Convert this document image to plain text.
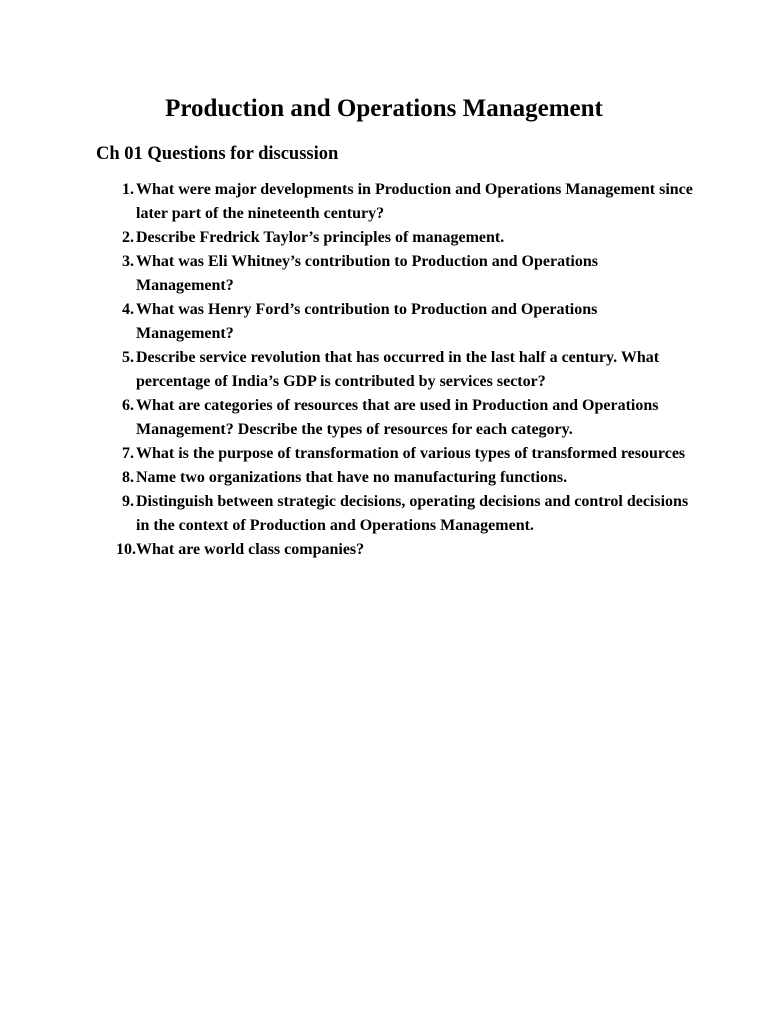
Production and Operations Management
Ch 01 Questions for discussion
1. What were major developments in Production and Operations Management since later part of the nineteenth century?
2. Describe Fredrick Taylor’s principles of management.
3. What was Eli Whitney’s contribution to Production and Operations Management?
4. What was Henry Ford’s contribution to Production and Operations Management?
5. Describe service revolution that has occurred in the last half a century. What percentage of India’s GDP is contributed by services sector?
6. What are categories of resources that are used in Production and Operations Management? Describe the types of resources for each category.
7. What is the purpose of transformation of various types of transformed resources
8. Name two organizations that have no manufacturing functions.
9. Distinguish between strategic decisions, operating decisions and control decisions in the context of Production and Operations Management.
10. What are world class companies?
